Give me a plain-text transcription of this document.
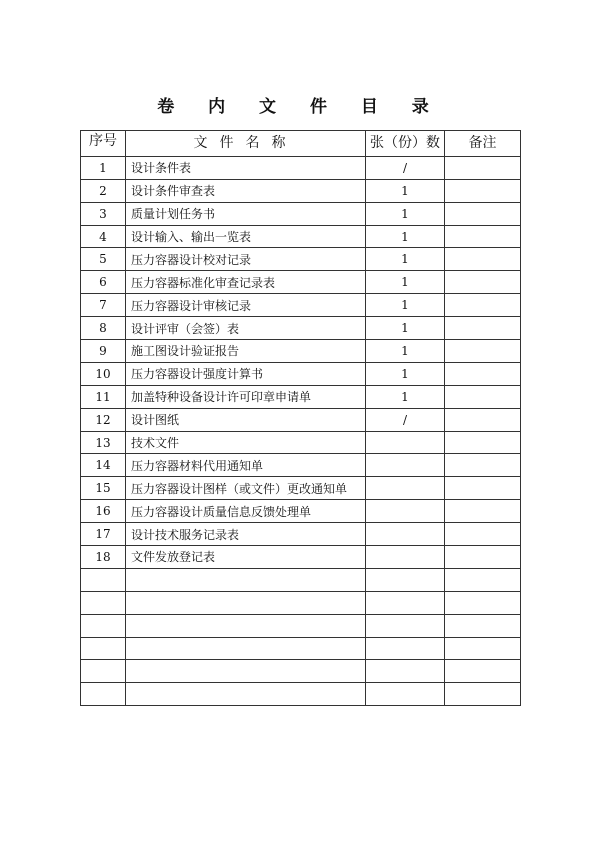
卷 内 文 件 目 录
序号	文件名称	张（份）数	备注
1	设计条件表	/	
2	设计条件审查表	1	
3	质量计划任务书	1	
4	设计输入、输出一览表	1	
5	压力容器设计校对记录	1	
6	压力容器标准化审查记录表	1	
7	压力容器设计审核记录	1	
8	设计评审（会签）表	1	
9	施工图设计验证报告	1	
10	压力容器设计强度计算书	1	
11	加盖特种设备设计许可印章申请单	1	
12	设计图纸	/	
13	技术文件		
14	压力容器材料代用通知单		
15	压力容器设计图样（或文件）更改通知单		
16	压力容器设计质量信息反馈处理单		
17	设计技术服务记录表		
18	文件发放登记表		
